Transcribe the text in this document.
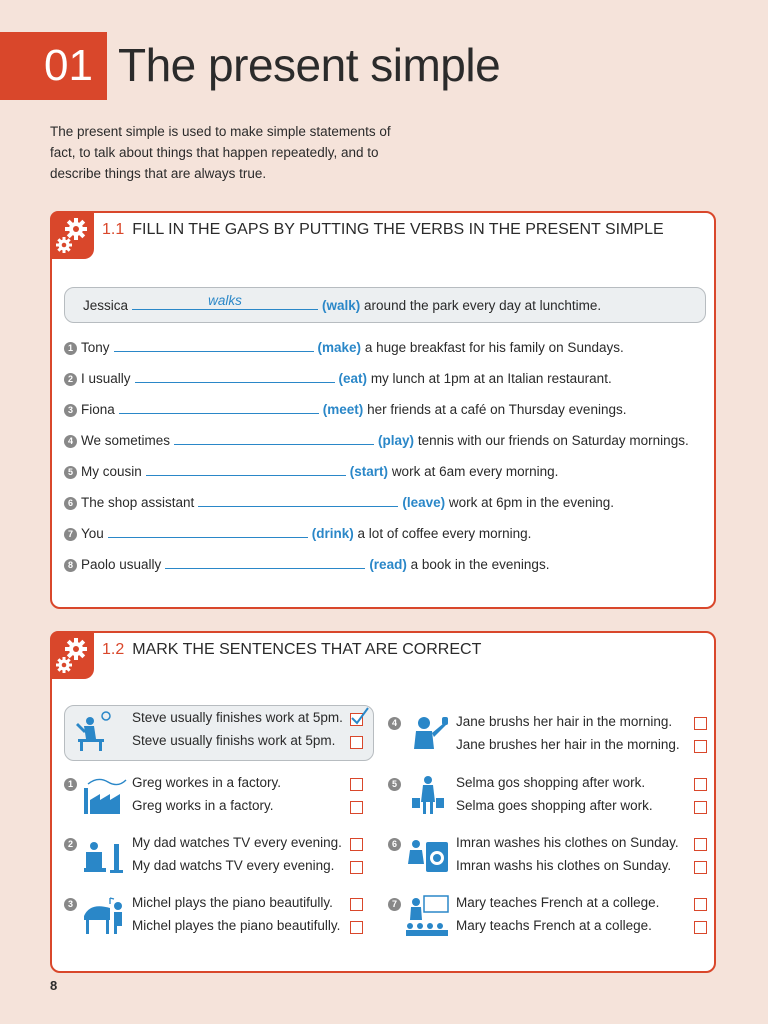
01 The present simple
The present simple is used to make simple statements of fact, to talk about things that happen repeatedly, and to describe things that are always true.
1.1 FILL IN THE GAPS BY PUTTING THE VERBS IN THE PRESENT SIMPLE
Jessica	walks	(walk) around the park every day at lunchtime.
1 Tony	(make) a huge breakfast for his family on Sundays.
2 I usually	(eat) my lunch at 1pm at an Italian restaurant.
3 Fiona	(meet) her friends at a café on Thursday evenings.
4 We sometimes	(play) tennis with our friends on Saturday mornings.
5 My cousin	(start) work at 6am every morning.
6 The shop assistant	(leave) work at 6pm in the evening.
7 You	(drink) a lot of coffee every morning.
8 Paolo usually	(read) a book in the evenings.
1.2 MARK THE SENTENCES THAT ARE CORRECT
Steve usually finishes work at 5pm.
Steve usually finishs work at 5pm.
1	Greg workes in a factory.
Greg works in a factory.
2	My dad watches TV every evening.
My dad watchs TV every evening.
3	Michel plays the piano beautifully.
Michel playes the piano beautifully.
4	Jane brushs her hair in the morning.
Jane brushes her hair in the morning.
5	Selma gos shopping after work.
Selma goes shopping after work.
6	Imran washes his clothes on Sunday.
Imran washs his clothes on Sunday.
7	Mary teaches French at a college.
Mary teachs French at a college.
8
